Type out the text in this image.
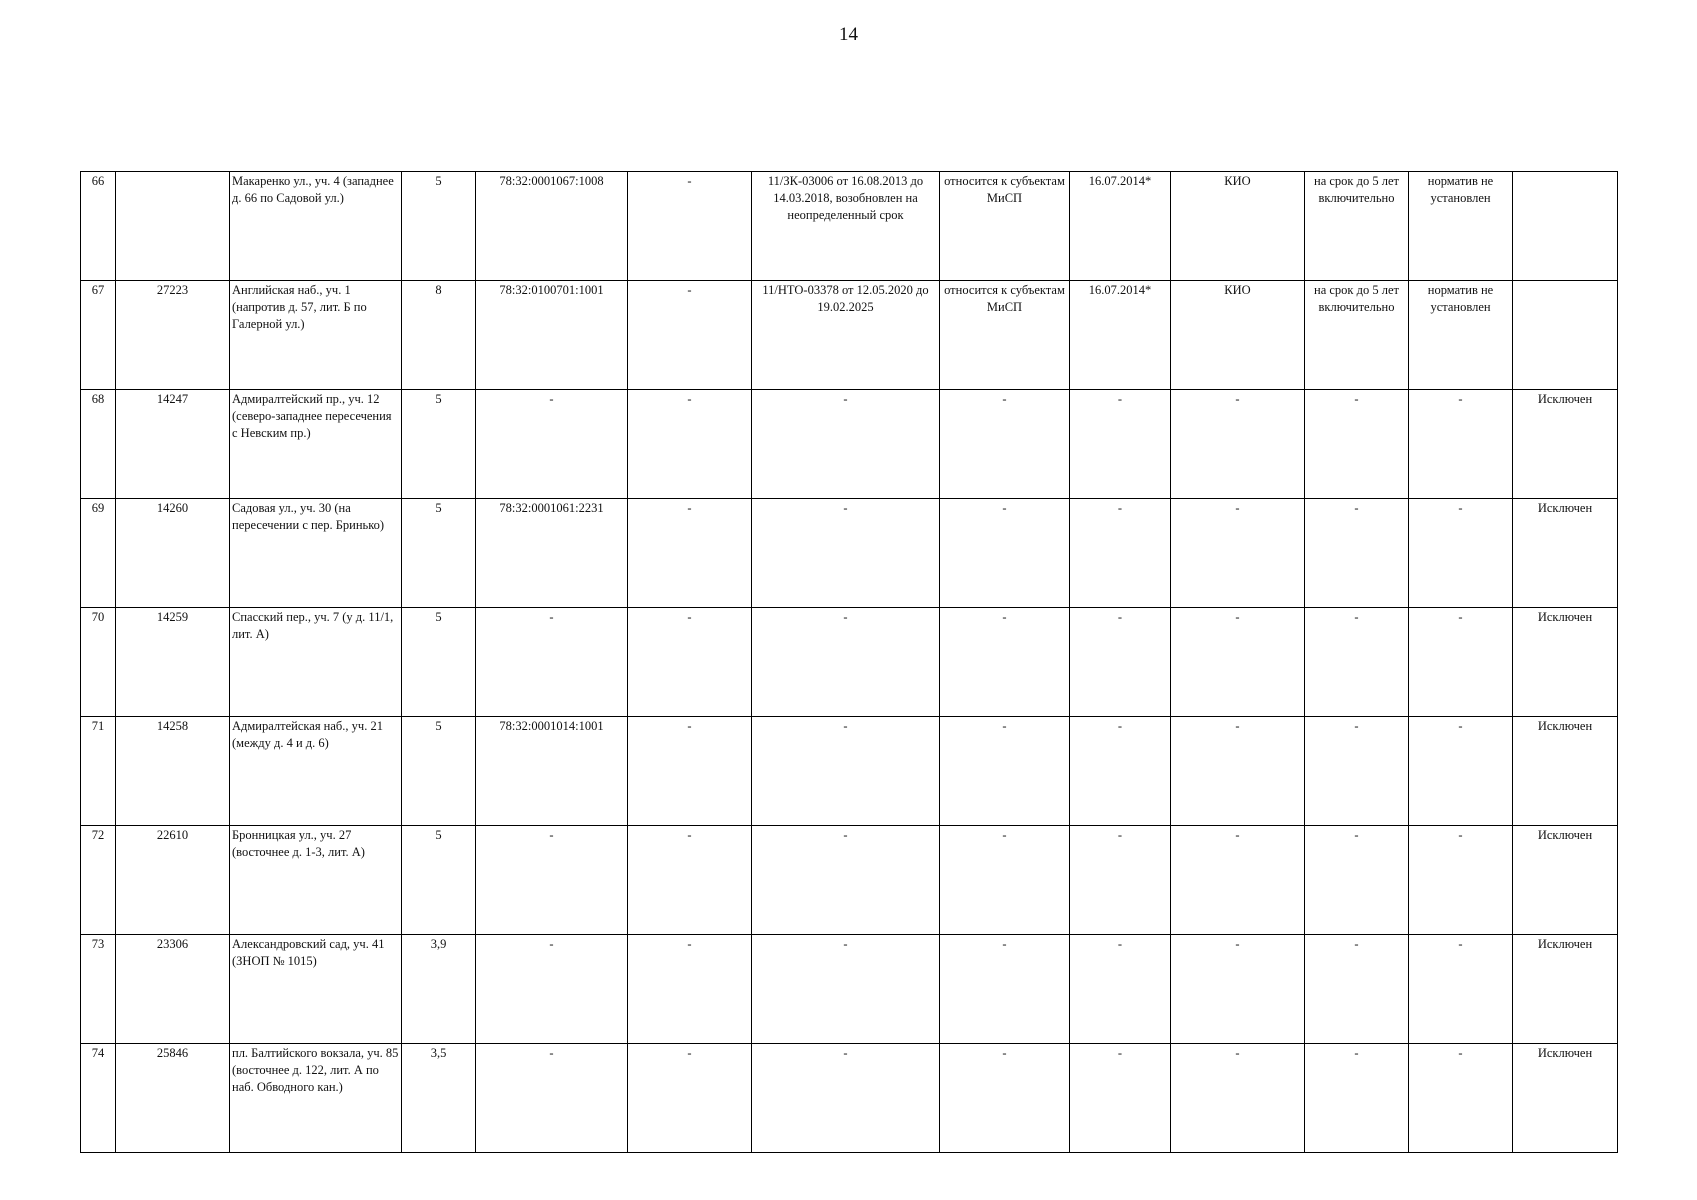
14
66		Макаренко ул., уч. 4 (западнее д. 66 по Садовой ул.)	5	78:32:0001067:1008	-	11/ЗК-03006 от 16.08.2013 до 14.03.2018, возобновлен на неопределенный срок	относится к субъектам МиСП	16.07.2014*	КИО	на срок до 5 лет включительно	норматив не установлен	
67	27223	Английская наб., уч. 1 (напротив д. 57, лит. Б по Галерной ул.)	8	78:32:0100701:1001	-	11/НТО-03378 от 12.05.2020 до 19.02.2025	относится к субъектам МиСП	16.07.2014*	КИО	на срок до 5 лет включительно	норматив не установлен	
68	14247	Адмиралтейский пр., уч. 12 (северо-западнее пересечения с Невским пр.)	5	-	-	-	-	-	-	-	-	Исключен
69	14260	Садовая ул., уч. 30 (на пересечении с пер. Бринько)	5	78:32:0001061:2231	-	-	-	-	-	-	-	Исключен
70	14259	Спасский пер., уч. 7 (у д. 11/1, лит. А)	5	-	-	-	-	-	-	-	-	Исключен
71	14258	Адмиралтейская наб., уч. 21 (между д. 4 и д. 6)	5	78:32:0001014:1001	-	-	-	-	-	-	-	Исключен
72	22610	Бронницкая ул., уч. 27 (восточнее д. 1-3, лит. А)	5	-	-	-	-	-	-	-	-	Исключен
73	23306	Александровский сад, уч. 41 (ЗНОП № 1015)	3,9	-	-	-	-	-	-	-	-	Исключен
74	25846	пл. Балтийского вокзала, уч. 85 (восточнее д. 122, лит. А по наб. Обводного кан.)	3,5	-	-	-	-	-	-	-	-	Исключен
